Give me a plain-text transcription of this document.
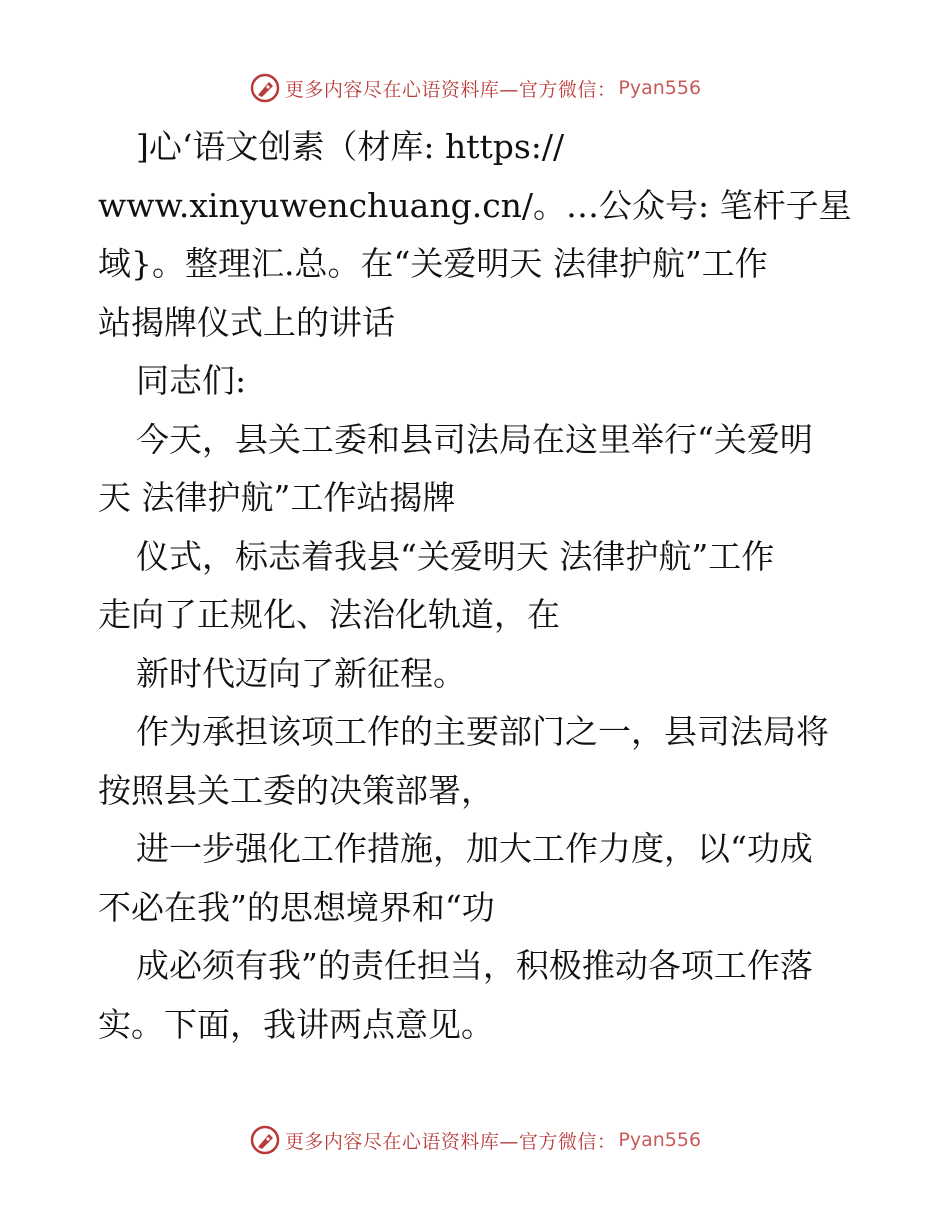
更多内容尽在心语资料库—官方微信： Pyan556
]心‘语文创素（材库: https://
www.xinyuwenchuang.cn/。…公众号: 笔杆子星
域}。整理汇.总。在“关爱明天 法律护航”工作
站揭牌仪式上的讲话
同志们:
今天，县关工委和县司法局在这里举行“关爱明
天 法律护航”工作站揭牌
仪式，标志着我县“关爱明天 法律护航”工作
走向了正规化、法治化轨道，在
新时代迈向了新征程。
作为承担该项工作的主要部门之一，县司法局将
按照县关工委的决策部署，
进一步强化工作措施，加大工作力度，以“功成
不必在我”的思想境界和“功
成必须有我”的责任担当，积极推动各项工作落
实。下面，我讲两点意见。
更多内容尽在心语资料库—官方微信： Pyan556
